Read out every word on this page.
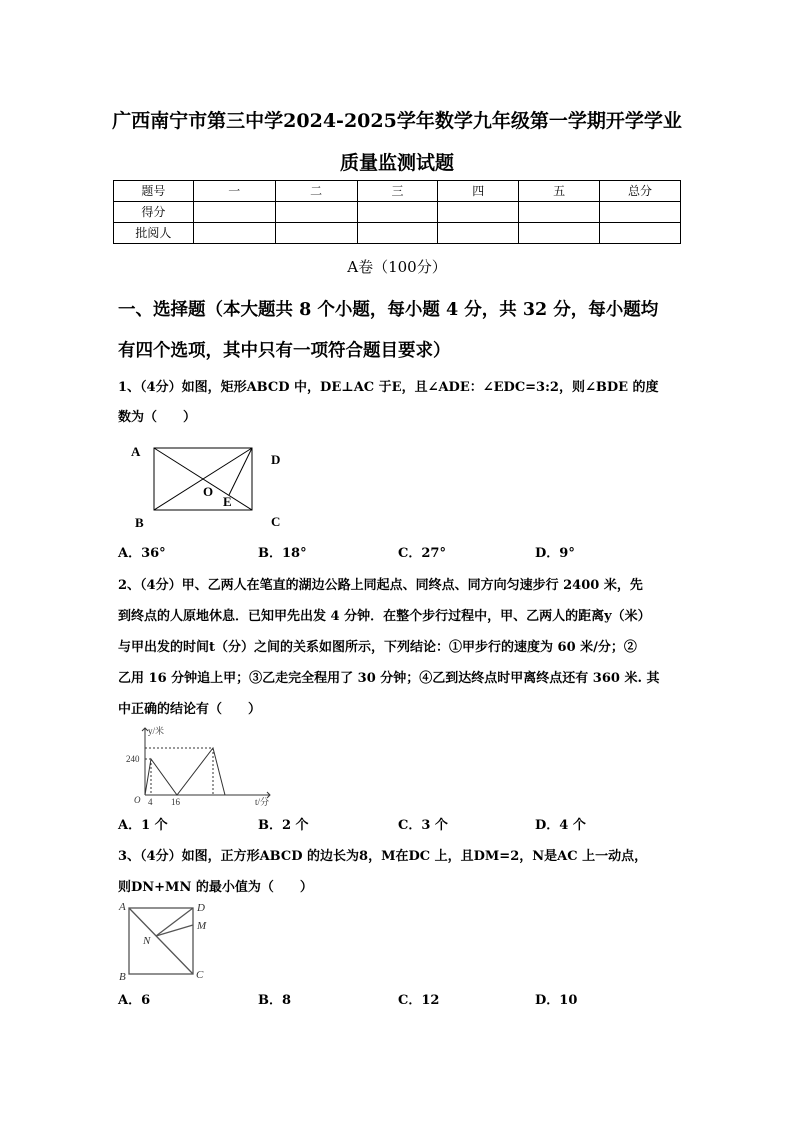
广西南宁市第三中学2024-2025学年数学九年级第一学期开学学业
质量监测试题
题号	一	二	三	四	五	总分
得分						
批阅人						
A卷（100分）
一、选择题（本大题共 8 个小题，每小题 4 分，共 32 分，每小题均
有四个选项，其中只有一项符合题目要求）
1、（4分）如图，矩形ABCD 中，DE⊥AC 于E，且∠ADE：∠EDC=3:2，则∠BDE 的度
数为（　　）
A
D
B	C
O
E
A．36°	B．18°	C．27°	D．9°
2、（4分）甲、乙两人在笔直的湖边公路上同起点、同终点、同方向匀速步行 2400 米，先
到终点的人原地休息．已知甲先出发 4 分钟．在整个步行过程中，甲、乙两人的距离y（米）
与甲出发的时间t（分）之间的关系如图所示，下列结论：①甲步行的速度为 60 米/分；②
乙用 16 分钟追上甲；③乙走完全程用了 30 分钟；④乙到达终点时甲离终点还有 360 米. 其
中正确的结论有（　　）
y/米
t/分
O
240
4 16
A．1 个	B．2 个	C．3 个	D．4 个
3、（4分）如图，正方形ABCD 的边长为8，M在DC 上，且DM=2，N是AC 上一动点，
则DN+MN 的最小值为（　　）
A	D
M
N
B	C
A．6	B．8	C．12	D．10
